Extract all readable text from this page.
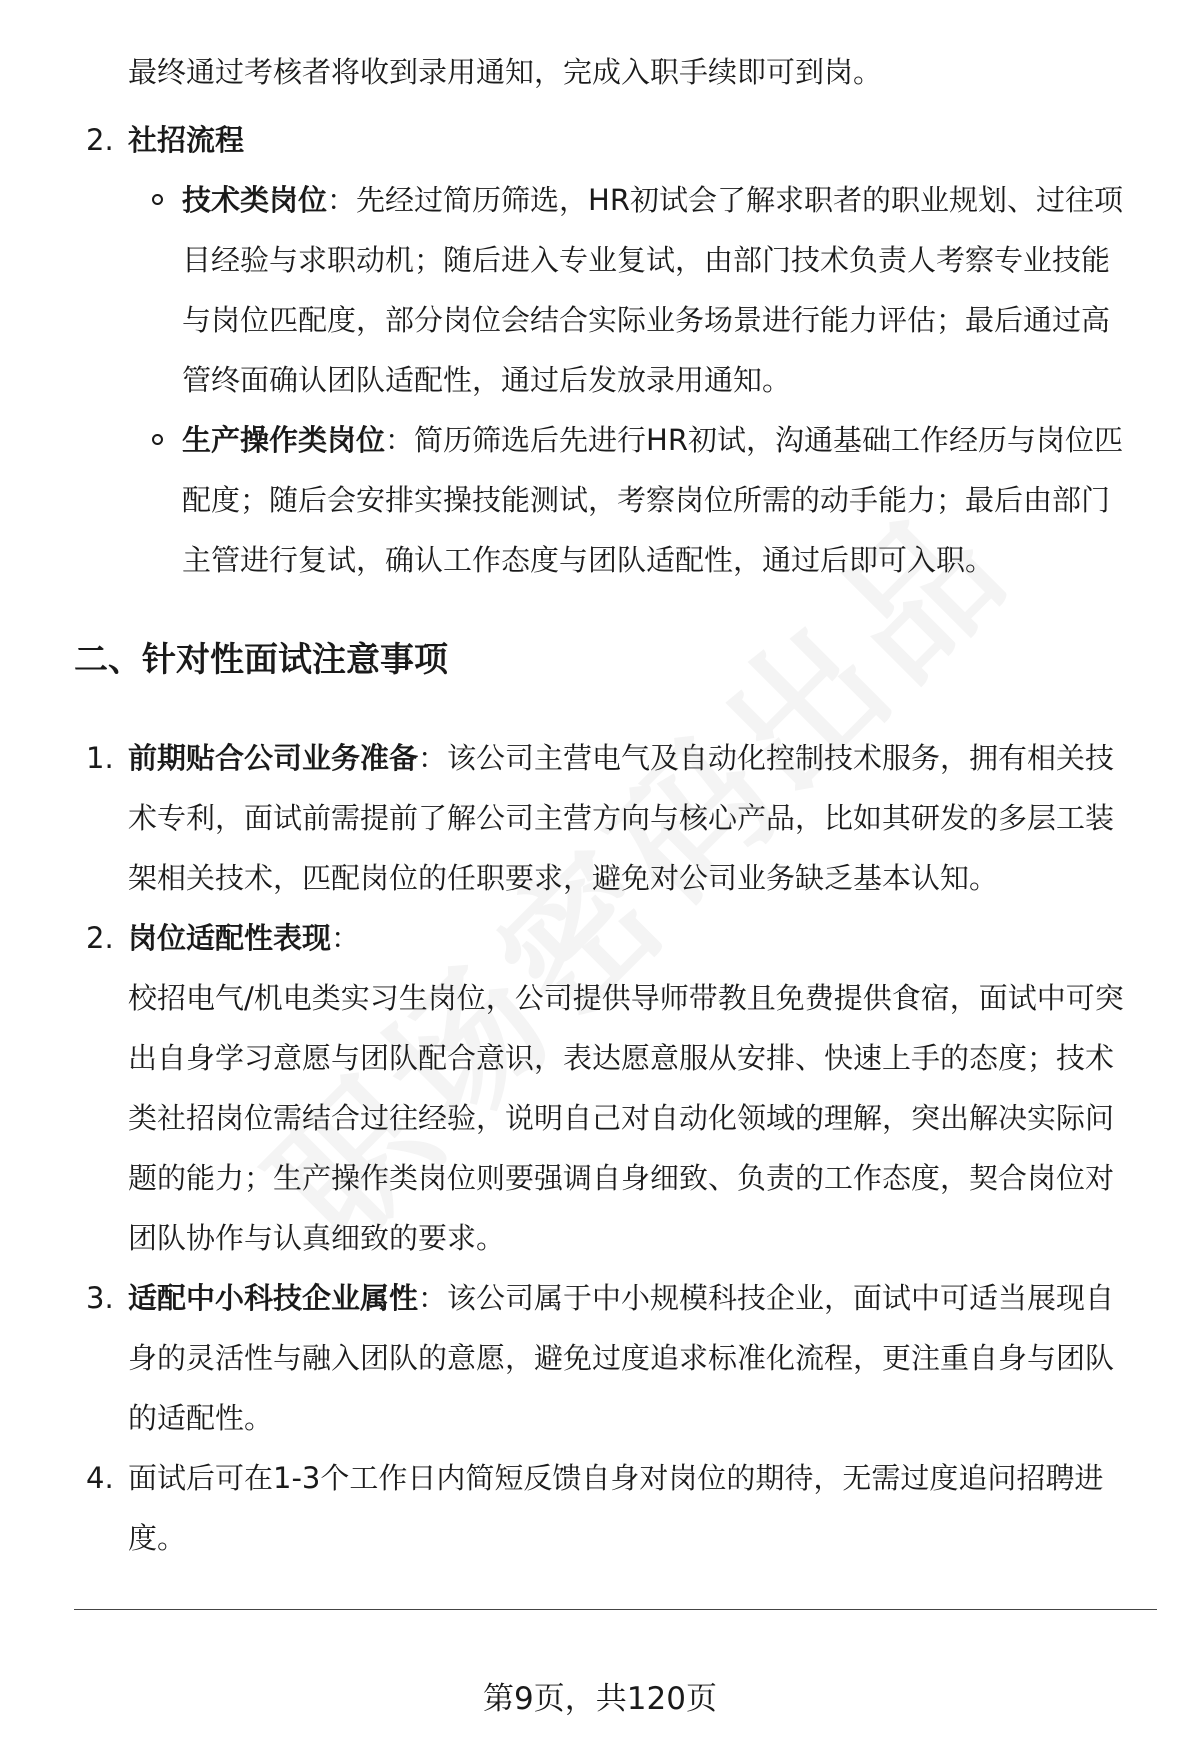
最终通过考核者将收到录用通知，完成入职手续即可到岗。
2. 社招流程
技术类岗位：先经过简历筛选，HR初试会了解求职者的职业规划、过往项
目经验与求职动机；随后进入专业复试，由部门技术负责人考察专业技能
与岗位匹配度，部分岗位会结合实际业务场景进行能力评估；最后通过高
管终面确认团队适配性，通过后发放录用通知。
生产操作类岗位：简历筛选后先进行HR初试，沟通基础工作经历与岗位匹
配度；随后会安排实操技能测试，考察岗位所需的动手能力；最后由部门
主管进行复试，确认工作态度与团队适配性，通过后即可入职。
二、针对性面试注意事项
1. 前期贴合公司业务准备：该公司主营电气及自动化控制技术服务，拥有相关技
术专利，面试前需提前了解公司主营方向与核心产品，比如其研发的多层工装
架相关技术，匹配岗位的任职要求，避免对公司业务缺乏基本认知。
2. 岗位适配性表现：
校招电气/机电类实习生岗位，公司提供导师带教且免费提供食宿，面试中可突
出自身学习意愿与团队配合意识，表达愿意服从安排、快速上手的态度；技术
类社招岗位需结合过往经验，说明自己对自动化领域的理解，突出解决实际问
题的能力；生产操作类岗位则要强调自身细致、负责的工作态度，契合岗位对
团队协作与认真细致的要求。
3. 适配中小科技企业属性：该公司属于中小规模科技企业，面试中可适当展现自
身的灵活性与融入团队的意愿，避免过度追求标准化流程，更注重自身与团队
的适配性。
4. 面试后可在1-3个工作日内简短反馈自身对岗位的期待，无需过度追问招聘进
度。
第9页，共120页
